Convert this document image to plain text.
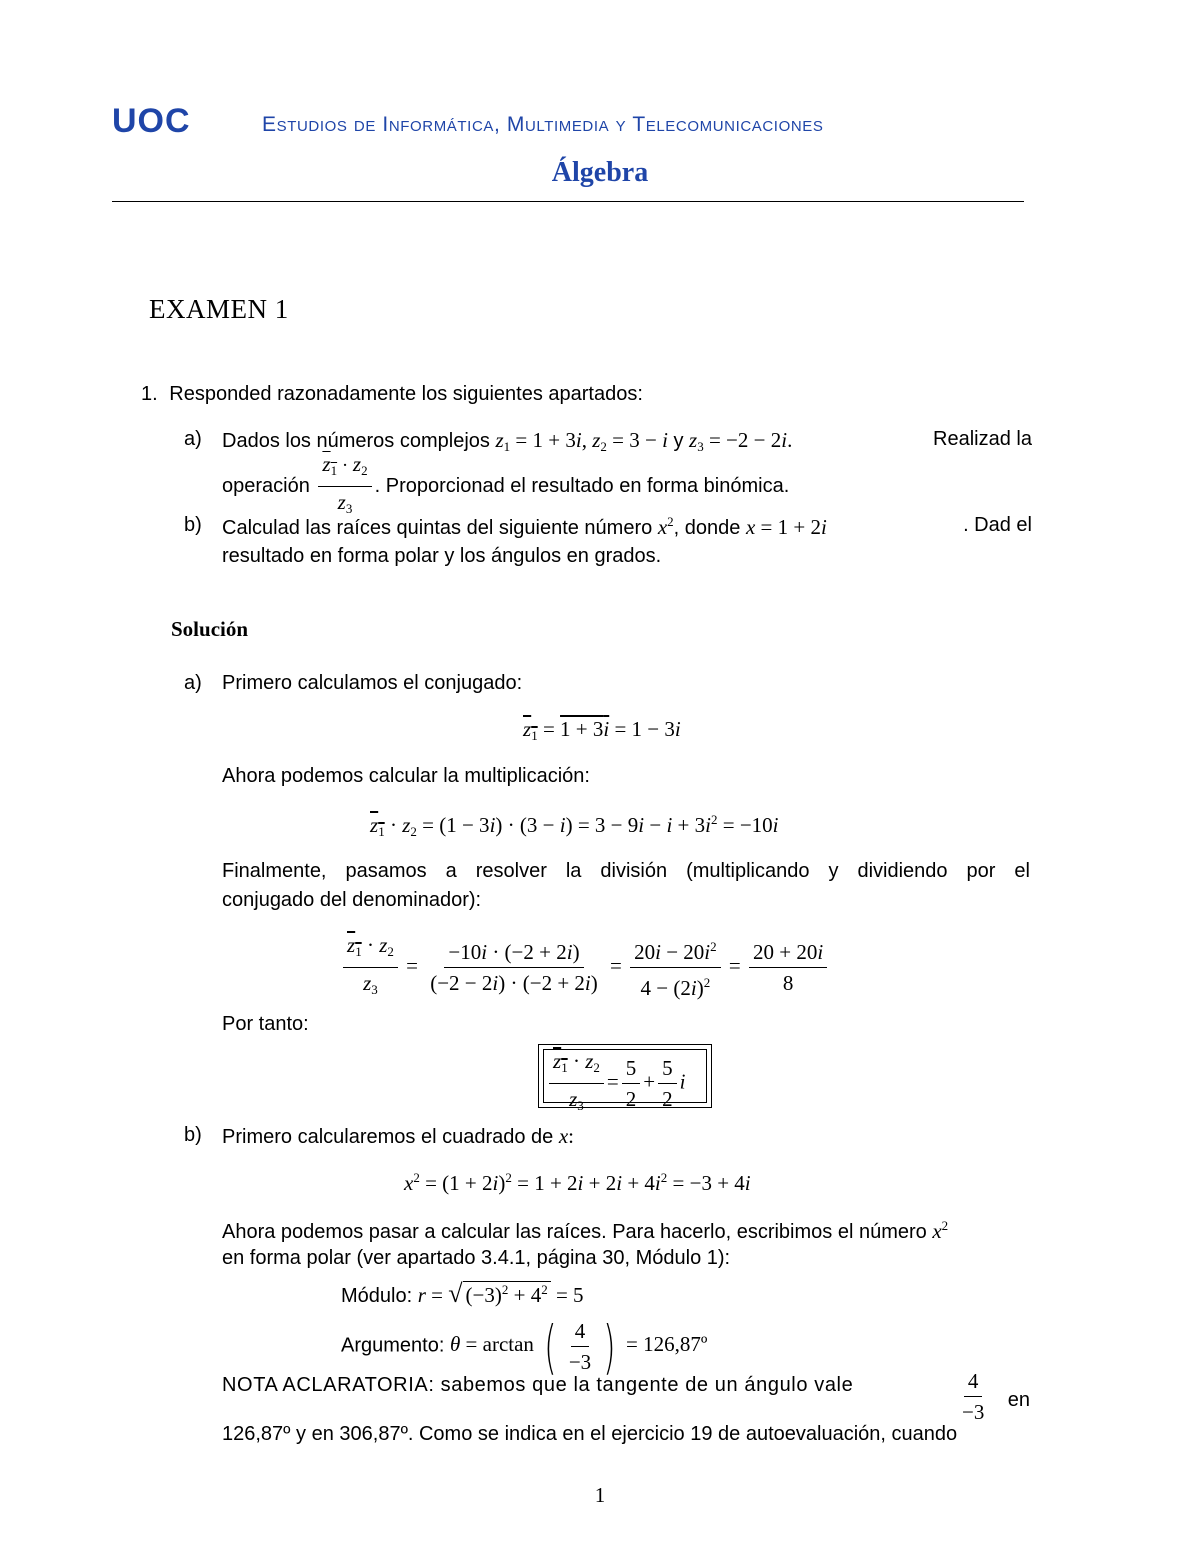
UOC	Estudios de Informática, Multimedia y Telecomunicaciones
Álgebra
EXAMEN 1
1. Responded razonadamente los siguientes apartados:
a) Dados los números complejos $z_1 = 1 + 3i$, $z_2 = 3 - i$ y $z_3 = -2 - 2i$.	Realizad la
operación $\frac{z_1 \cdot z_2}{z_3}$ . Proporcionad el resultado en forma binómica.
b) Calculad las raíces quintas del siguiente número $x^2$, donde x = 1 + 2i	. Dad el
resultado en forma polar y los ángulos en grados.
Solución
a) Primero calculamos el conjugado:
$z_1 = 1 + 3i = 1 - 3i$
Ahora podemos calcular la multiplicación:
$z_1 \cdot z_2 = (1 - 3i) \cdot (3 - i) = 3 - 9i - i + 3i^2 = -10i$
Finalmente, pasamos a resolver la división (multiplicando y dividiendo por el
conjugado del denominador):
$\frac{z_1 \cdot z_2}{z_3} = \frac{-10i \cdot (-2 + 2i)}{(-2 - 2i) \cdot (-2 + 2i)} = \frac{20i - 20i^2}{4 - (2i)^2} = \frac{20 + 20i}{8}$
Por tanto:
$\frac{z_1 \cdot z_2}{z_3} = \frac{5}{2} + \frac{5}{2}$ i
b) Primero calcularemos el cuadrado de x:
$x^2 = (1 + 2i)^2 = 1 + 2i + 2i + 4i^2 = -3 + 4i$
Ahora podemos pasar a calcular las raíces. Para hacerlo, escribimos el número $x^2$
en forma polar (ver apartado 3.4.1, página 30, Módulo 1):
Módulo: r = √ $(-3)^2 + 4^2 = 5$
Argumento: θ = arctan ( $\frac{4}{-3}$ ) = 126,87º
NOTA ACLARATORIA: sabemos que la tangente de un ángulo vale	$\frac{4}{-3}$ en
126,87º y en 306,87º. Como se indica en el ejercicio 19 de autoevaluación, cuando
1
